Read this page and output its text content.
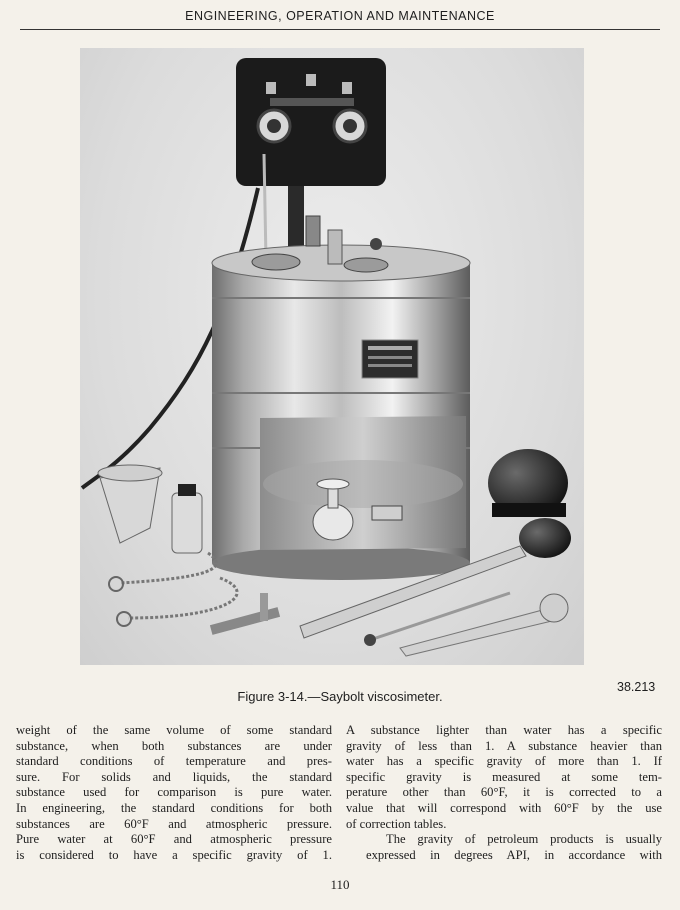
ENGINEERING, OPERATION AND MAINTENANCE
38.213
Figure 3-14.—Saybolt viscosimeter.

weight of the same volume of some standard
substance, when both substances are under
standard conditions of temperature and pres-
sure. For solids and liquids, the standard
substance used for comparison is pure water.
In engineering, the standard conditions for both
substances are 60°F and atmospheric pressure.
Pure water at 60°F and atmospheric pressure
is considered to have a specific gravity of 1.

A substance lighter than water has a specific
gravity of less than 1. A substance heavier than
water has a specific gravity of more than 1. If
specific gravity is measured at some tem-
perature other than 60°F, it is corrected to a
value that will correspond with 60°F by the use
of correction tables.

The gravity of petroleum products is usually
expressed in degrees API, in accordance with

110
